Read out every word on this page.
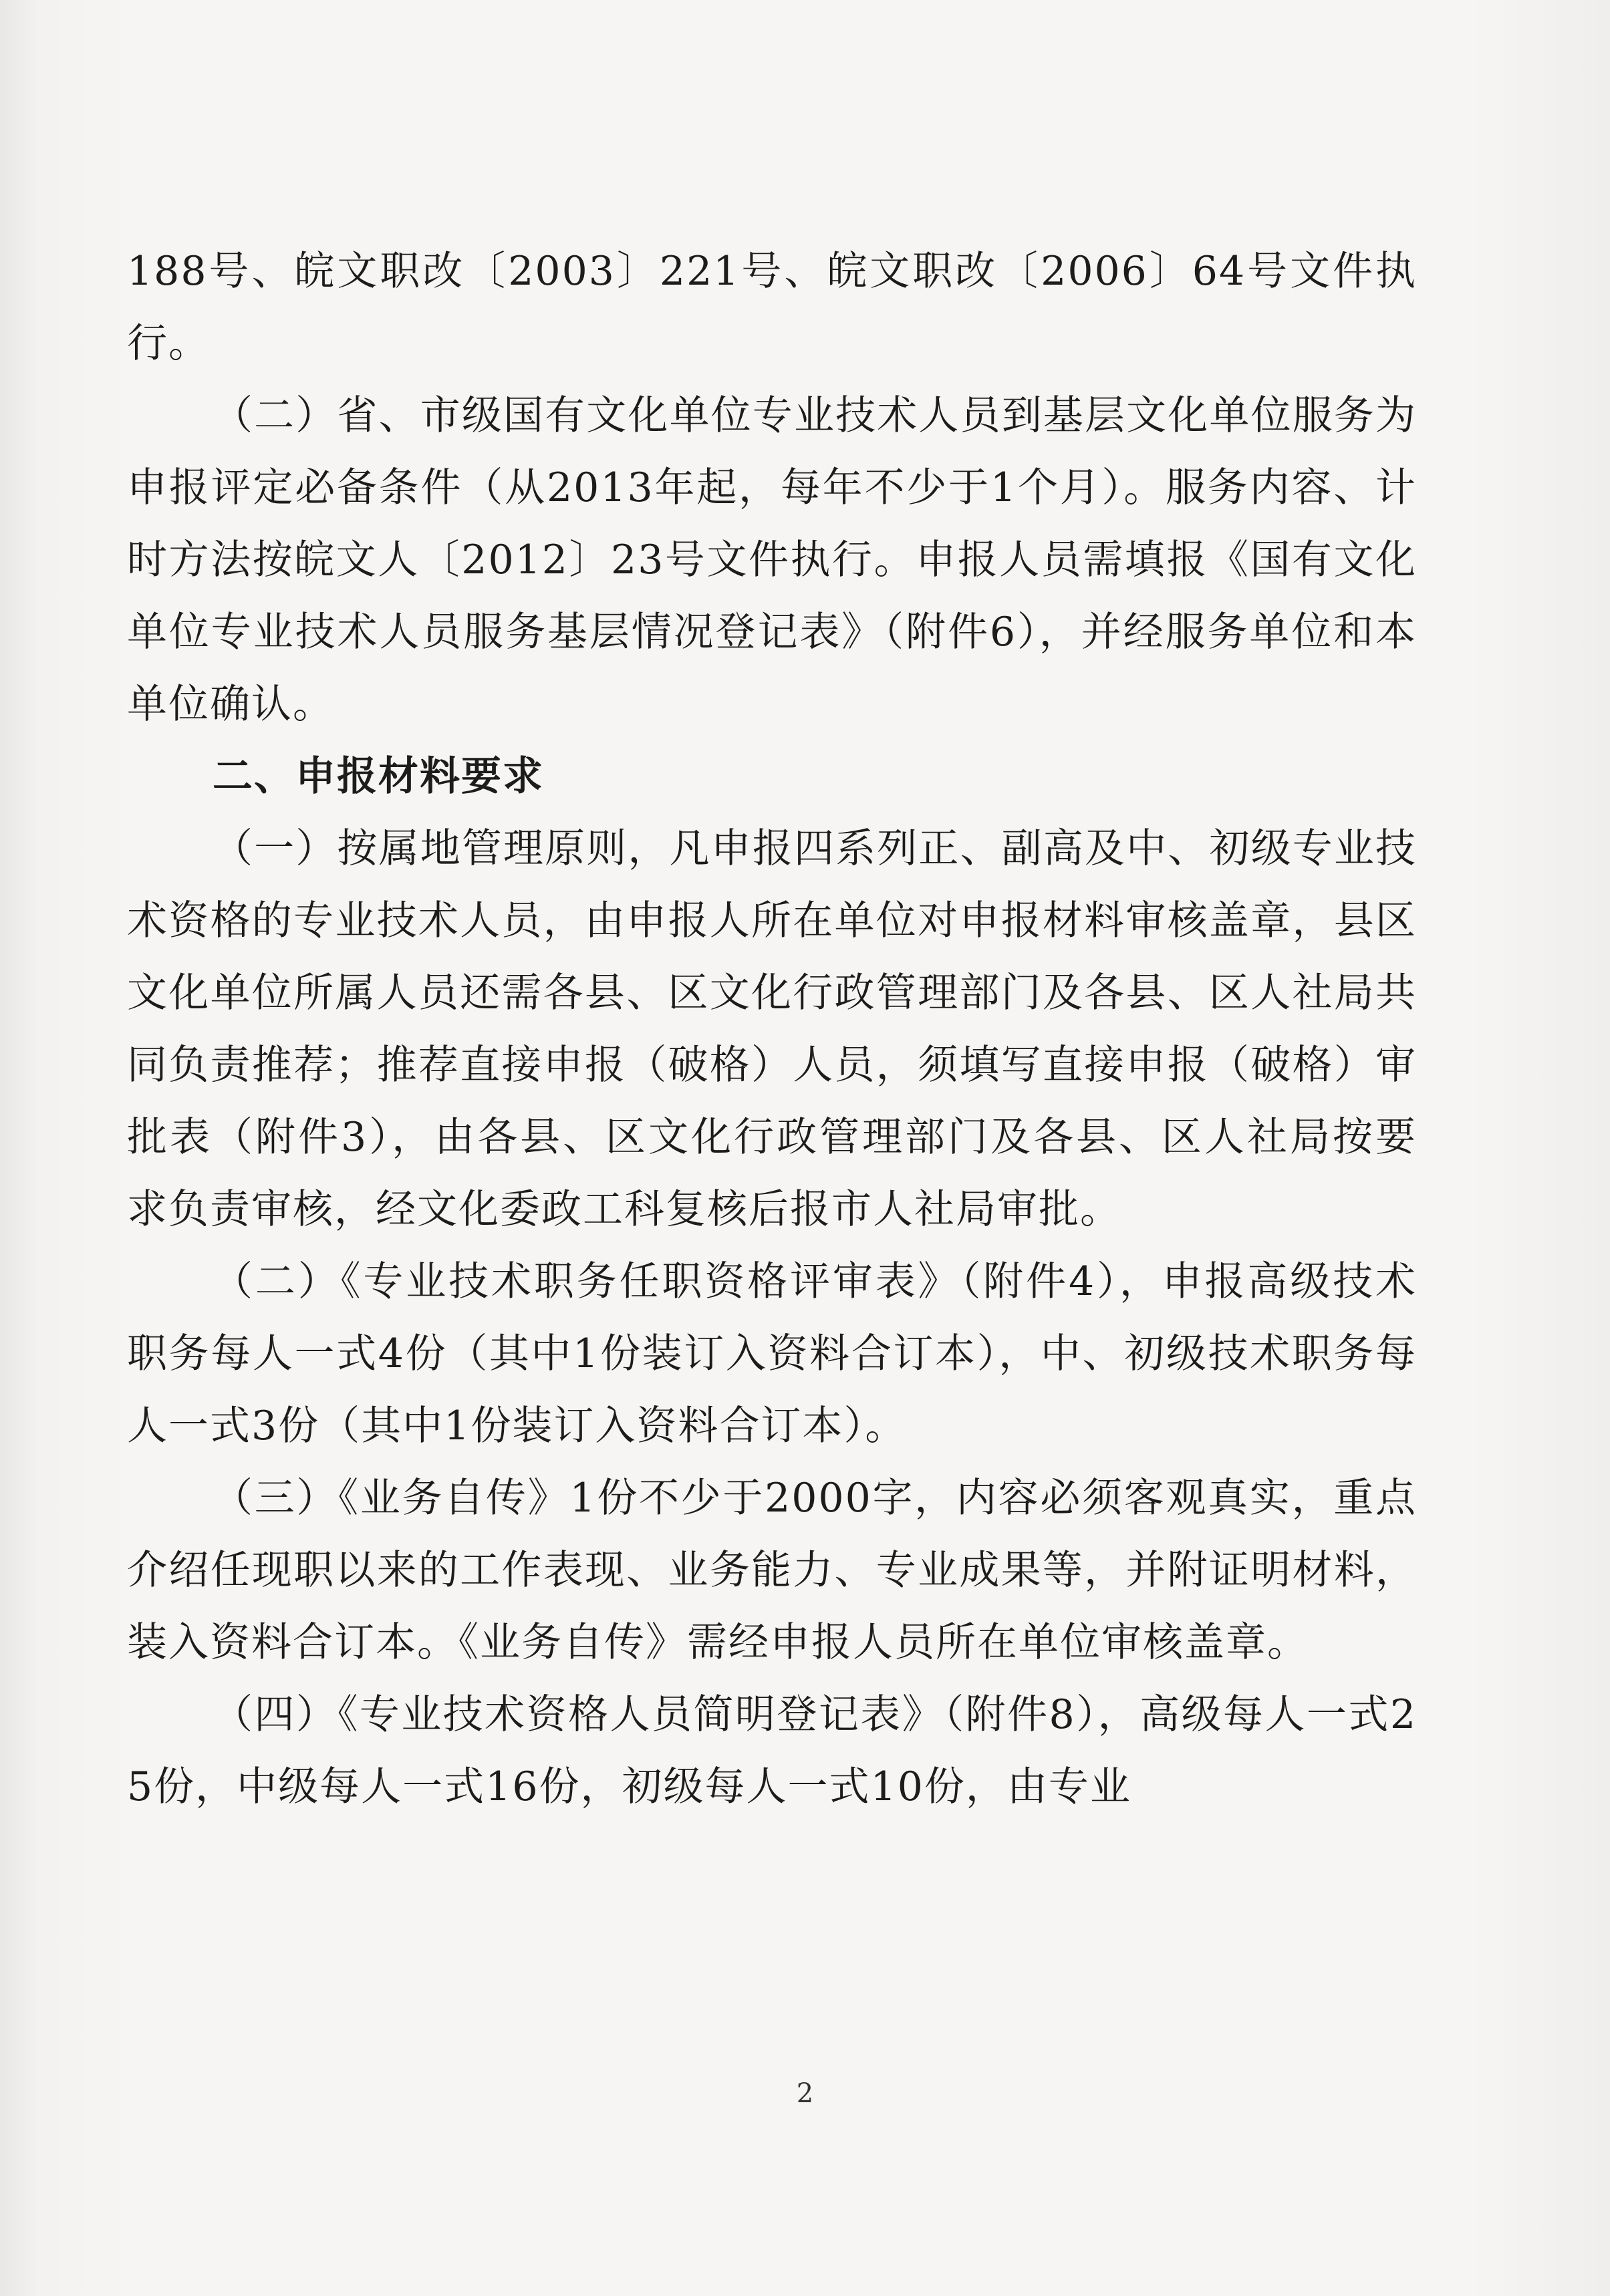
188号、皖文职改〔2003〕221号、皖文职改〔2006〕64号文件执行。

（二）省、市级国有文化单位专业技术人员到基层文化单位服务为申报评定必备条件（从2013年起，每年不少于1个月）。服务内容、计时方法按皖文人〔2012〕23号文件执行。申报人员需填报《国有文化单位专业技术人员服务基层情况登记表》（附件6），并经服务单位和本单位确认。

二、申报材料要求

（一）按属地管理原则，凡申报四系列正、副高及中、初级专业技术资格的专业技术人员，由申报人所在单位对申报材料审核盖章，县区文化单位所属人员还需各县、区文化行政管理部门及各县、区人社局共同负责推荐；推荐直接申报（破格）人员，须填写直接申报（破格）审批表（附件3），由各县、区文化行政管理部门及各县、区人社局按要求负责审核，经文化委政工科复核后报市人社局审批。

（二）《专业技术职务任职资格评审表》（附件4），申报高级技术职务每人一式4份（其中1份装订入资料合订本），中、初级技术职务每人一式3份（其中1份装订入资料合订本）。

（三）《业务自传》1份不少于2000字，内容必须客观真实，重点介绍任现职以来的工作表现、业务能力、专业成果等，并附证明材料，装入资料合订本。《业务自传》需经申报人员所在单位审核盖章。

（四）《专业技术资格人员简明登记表》（附件8），高级每人一式25份，中级每人一式16份，初级每人一式10份，由专业

2
